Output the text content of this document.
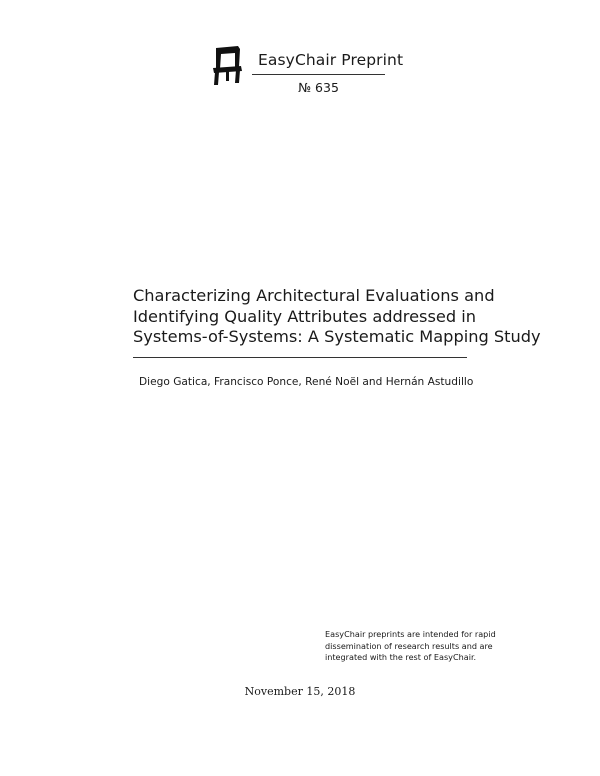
EasyChair Preprint
№ 635
Characterizing Architectural Evaluations and
Identifying Quality Attributes addressed in
Systems-of-Systems: A Systematic Mapping Study
Diego Gatica, Francisco Ponce, René Noël and Hernán Astudillo
EasyChair preprints are intended for rapid
dissemination of research results and are
integrated with the rest of EasyChair.
November 15, 2018
